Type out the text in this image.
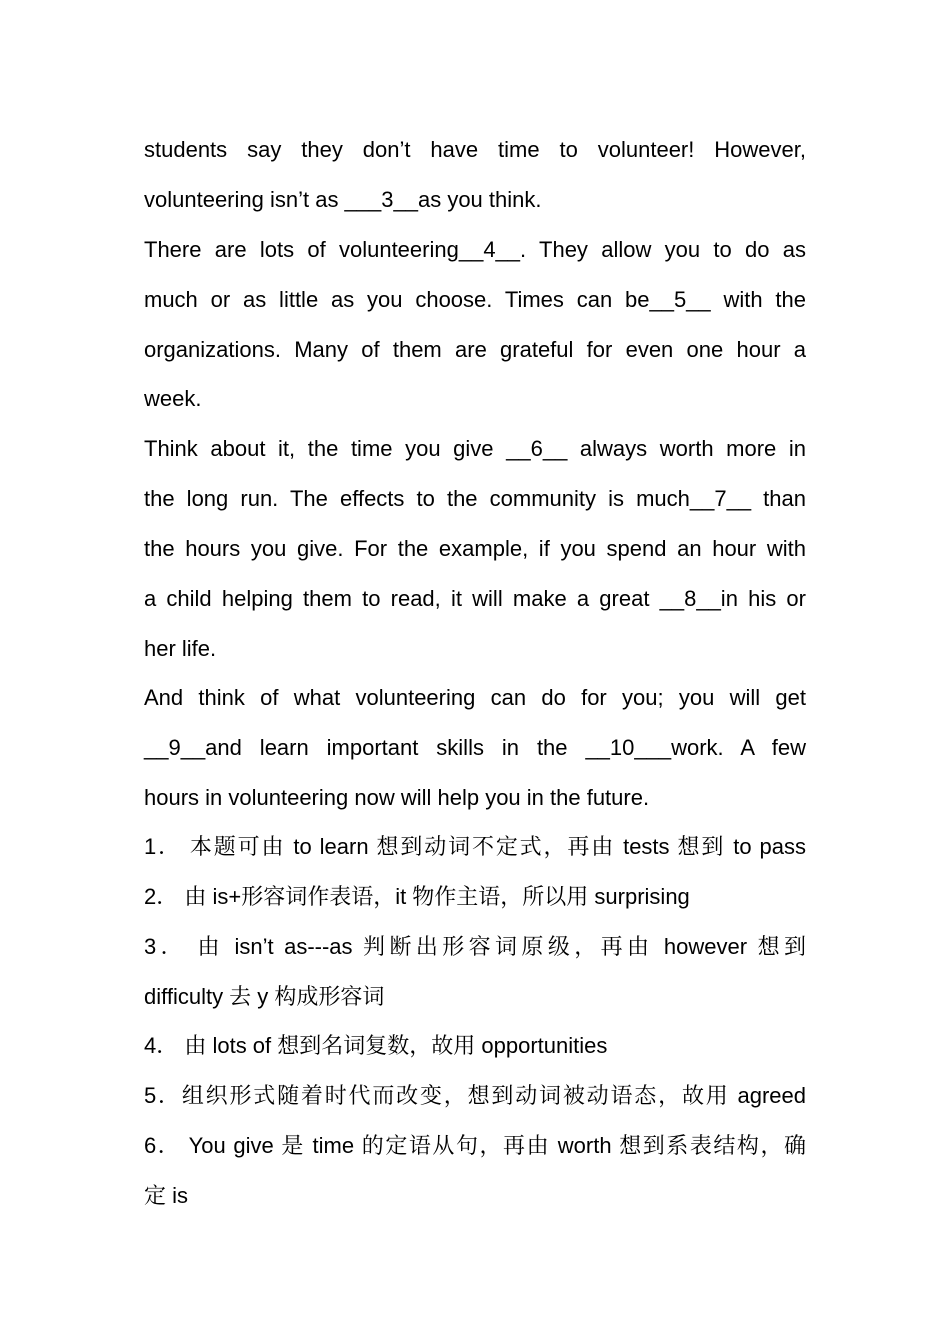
students say they don’t have time to volunteer! However,
volunteering isn’t as ___3__as you think.
There are lots of volunteering__4__. They allow you to do as
much or as little as you choose. Times can be__5__ with the
organizations. Many of them are grateful for even one hour a
week.
Think about it, the time you give __6__ always worth more in
the long run. The effects to the community is much__7__ than
the hours you give. For the example, if you spend an hour with
a child helping them to read, it will make a great __8__in his or
her life.
And think of what volunteering can do for you; you will get
__9__and learn important skills in the __10___work. A few
hours in volunteering now will help you in the future.
1． 本题可由 to learn 想到动词不定式，再由 tests 想到 to pass
2． 由 is+形容词作表语，it 物作主语，所以用 surprising
3． 由 isn’t as---as 判断出形容词原级，再由 however 想到
difficulty 去 y 构成形容词
4． 由 lots of 想到名词复数，故用 opportunities
5．组织形式随着时代而改变，想到动词被动语态，故用 agreed
6． You give 是 time 的定语从句，再由 worth 想到系表结构，确
定 is
